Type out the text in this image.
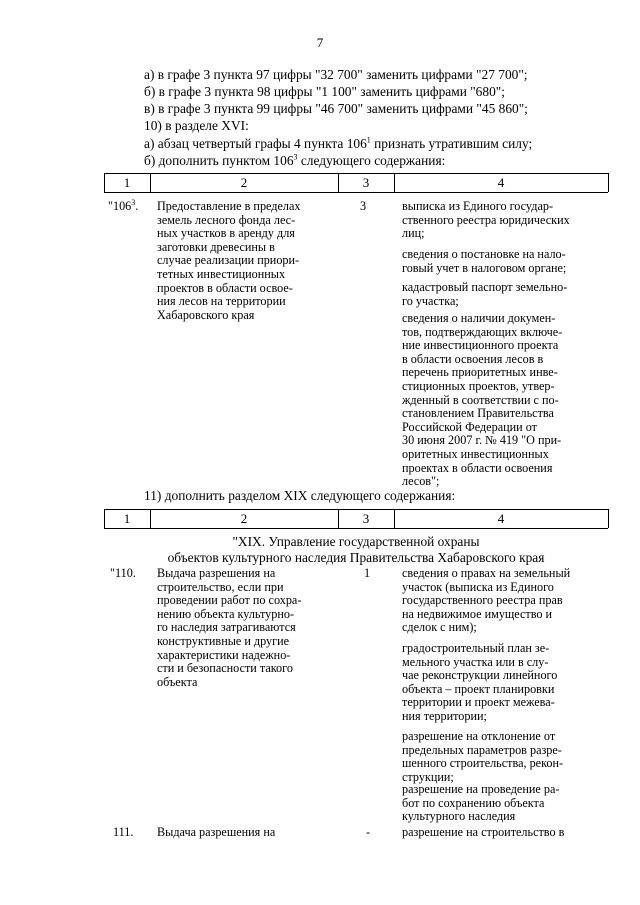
7
а) в графе 3 пункта 97 цифры "32 700" заменить цифрами "27 700";
б) в графе 3 пункта 98 цифры "1 100" заменить цифрами "680";
в) в графе 3 пункта 99 цифры "46 700" заменить цифрами "45 860";
10) в разделе XVI:
а) абзац четвертый графы 4 пункта $106^1$ признать утратившим силу;
б) дополнить пунктом $106^3$ следующего содержания:
1	2	3	4
"$106^3$. Предоставление в пределах
земель лесного фонда лес-
ных участков в аренду для
заготовки древесины в
случае реализации приори-
тетных инвестиционных
проектов в области освое-
ния лесов на территории
Хабаровского края
3	выписка из Единого государ-
ственного реестра юридических
лиц;
сведения о постановке на нало-
говый учет в налоговом органе;
кадастровый паспорт земельно-
го участка;
сведения о наличии докумен-
тов, подтверждающих включе-
ние инвестиционного проекта
в области освоения лесов в
перечень приоритетных инве-
стиционных проектов, утвер-
жденный в соответствии с по-
становлением Правительства
Российской Федерации от
30 июня 2007 г. № 419 "О при-
оритетных инвестиционных
проектах в области освоения
лесов";
11) дополнить разделом XIX следующего содержания:
1	2	3	4
"XIX. Управление государственной охраны
объектов культурного наследия Правительства Хабаровского края
"110. Выдача разрешения на
строительство, если при
проведении работ по сохра-
нению объекта культурно-
го наследия затрагиваются
конструктивные и другие
характеристики надежно-
сти и безопасности такого
объекта
1	сведения о правах на земельный
участок (выписка из Единого
государственного реестра прав
на недвижимое имущество и
сделок с ним);
градостроительный план зе-
мельного участка или в слу-
чае реконструкции линейного
объекта – проект планировки
территории и проект межева-
ния территории;
разрешение на отклонение от
предельных параметров разре-
шенного строительства, рекон-
струкции;
разрешение на проведение ра-
бот по сохранению объекта
культурного наследия
111. Выдача разрешения на	-	разрешение на строительство в
